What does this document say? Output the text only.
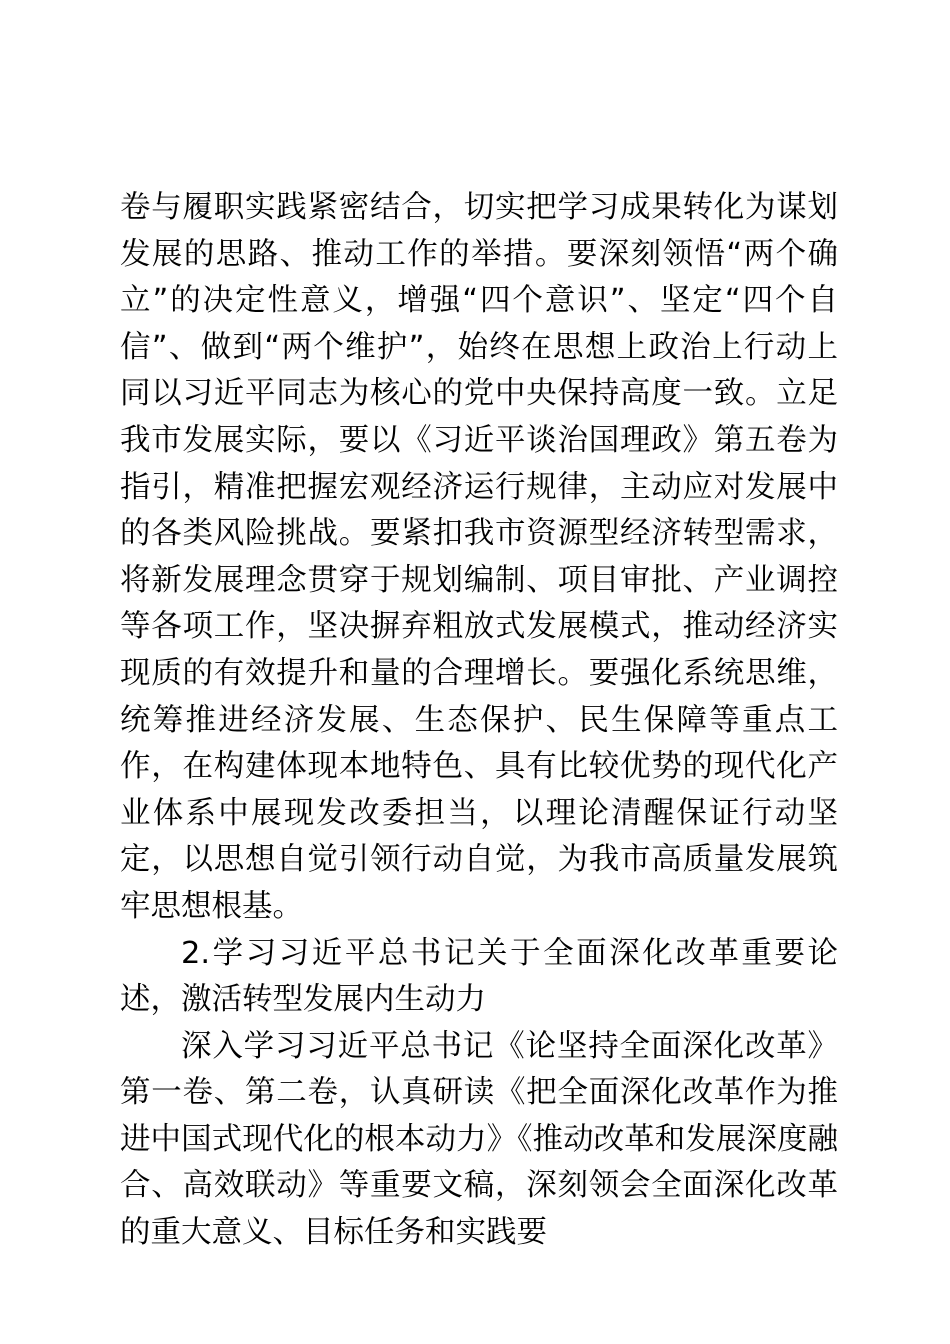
卷与履职实践紧密结合，切实把学习成果转化为谋划发展的思路、推动工作的举措。要深刻领悟“两个确立”的决定性意义，增强“四个意识”、坚定“四个自信”、做到“两个维护”，始终在思想上政治上行动上同以习近平同志为核心的党中央保持高度一致。立足我市发展实际，要以《习近平谈治国理政》第五卷为指引，精准把握宏观经济运行规律，主动应对发展中的各类风险挑战。要紧扣我市资源型经济转型需求，将新发展理念贯穿于规划编制、项目审批、产业调控等各项工作，坚决摒弃粗放式发展模式，推动经济实现质的有效提升和量的合理增长。要强化系统思维，统筹推进经济发展、生态保护、民生保障等重点工作，在构建体现本地特色、具有比较优势的现代化产业体系中展现发改委担当，以理论清醒保证行动坚定，以思想自觉引领行动自觉，为我市高质量发展筑牢思想根基。

2.学习习近平总书记关于全面深化改革重要论述，激活转型发展内生动力

深入学习习近平总书记《论坚持全面深化改革》第一卷、第二卷，认真研读《把全面深化改革作为推进中国式现代化的根本动力》《推动改革和发展深度融合、高效联动》等重要文稿，深刻领会全面深化改革的重大意义、目标任务和实践要
